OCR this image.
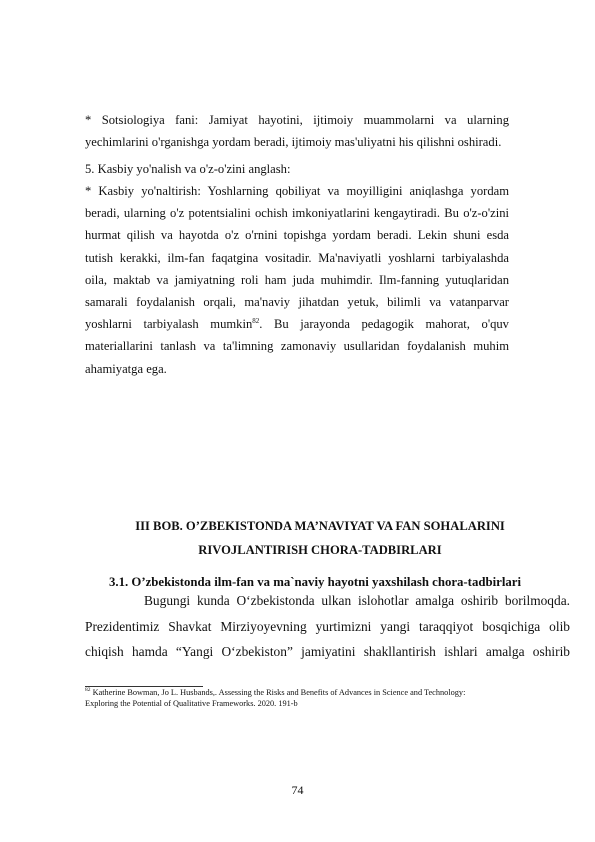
* Sotsiologiya fani: Jamiyat hayotini, ijtimoiy muammolarni va ularning
yechimlarini o'rganishga yordam beradi, ijtimoiy mas'uliyatni his qilishni oshiradi.
5. Kasbiy yo'nalish va o'z-o'zini anglash:
* Kasbiy yo'naltirish: Yoshlarning qobiliyat va moyilligini aniqlashga yordam
beradi, ularning o'z potentsialini ochish imkoniyatlarini kengaytiradi. Bu o'z-o'zini
hurmat qilish va hayotda o'z o'rnini topishga yordam beradi. Lekin shuni esda
tutish kerakki, ilm-fan faqatgina vositadir. Ma'naviyatli yoshlarni tarbiyalashda
oila, maktab va jamiyatning roli ham juda muhimdir. Ilm-fanning yutuqlaridan
samarali foydalanish orqali, ma'naviy jihatdan yetuk, bilimli va vatanparvar
yoshlarni tarbiyalash mumkin$^{82}$. Bu jarayonda pedagogik mahorat, o'quv
materiallarini tanlash va ta'limning zamonaviy usullaridan foydalanish muhim
ahamiyatga ega.
III BOB. O’ZBEKISTONDA MA’NAVIYAT VA FAN SOHALARINI
RIVOJLANTIRISH CHORA-TADBIRLARI
3.1. O’zbekistonda ilm-fan va ma`naviy hayotni yaxshilash chora-tadbirlari
Bugungi kunda O‘zbekistonda ulkan islohotlar amalga oshirib borilmoqda.
Prezidentimiz Shavkat Mirziyoyevning yurtimizni yangi taraqqiyot bosqichiga olib
chiqish hamda “Yangi O‘zbekiston” jamiyatini shakllantirish ishlari amalga oshirib
$^{82}$ Katherine Bowman, Jo L. Husbands,. Assessing the Risks and Benefits of Advances in Science and Technology:
Exploring the Potential of Qualitative Frameworks. 2020. 191-b
74
